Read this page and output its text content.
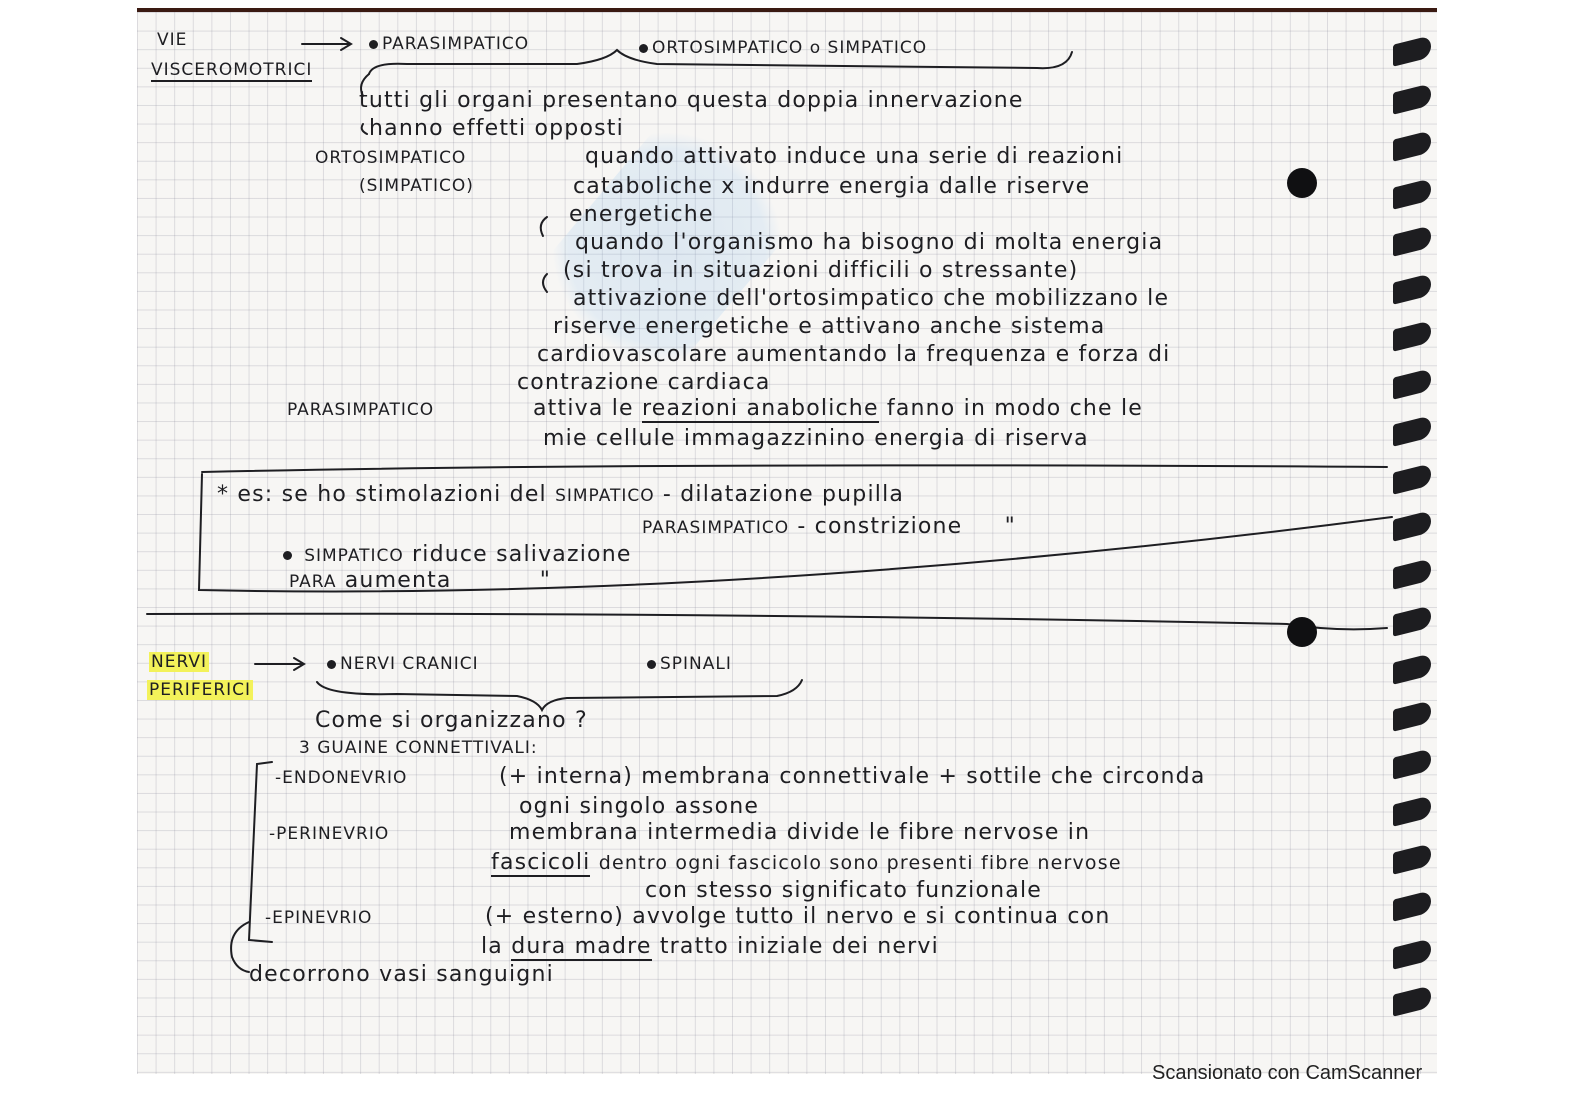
VIE
VISCEROMOTRICI
PARASIMPATICO	ORTOSIMPATICO o SIMPATICO
tutti gli organi presentano questa doppia innervazione
hanno effetti opposti
ORTOSIMPATICO
(SIMPATICO)
quando attivato induce una serie di reazioni
cataboliche x indurre energia dalle riserve
energetiche
quando l'organismo ha bisogno di molta energia
(si trova in situazioni difficili o stressante)
attivazione dell'ortosimpatico che mobilizzano le
riserve energetiche e attivano anche sistema
cardiovascolare aumentando la frequenza e forza di
contrazione cardiaca
PARASIMPATICO	attiva le reazioni anaboliche fanno in modo che le
mie cellule immagazzinino energia di riserva
* es: se ho stimolazioni del SIMPATICO - dilatazione pupilla
PARASIMPATICO - constrizione "
SIMPATICO riduce salivazione
PARA aumenta	"
NERVI
PERIFERICI
NERVI CRANICI	SPINALI
Come si organizzano ?
3 GUAINE CONNETTIVALI:
-ENDONEVRIO	(+ interna) membrana connettivale + sottile che circonda
ogni singolo assone
-PERINEVRIO	membrana intermedia divide le fibre nervose in
fascicoli dentro ogni fascicolo sono presenti fibre nervose
con stesso significato funzionale
-EPINEVRIO	(+ esterno) avvolge tutto il nervo e si continua con
la dura madre tratto iniziale dei nervi
decorrono vasi sanguigni
Scansionato con CamScanner
